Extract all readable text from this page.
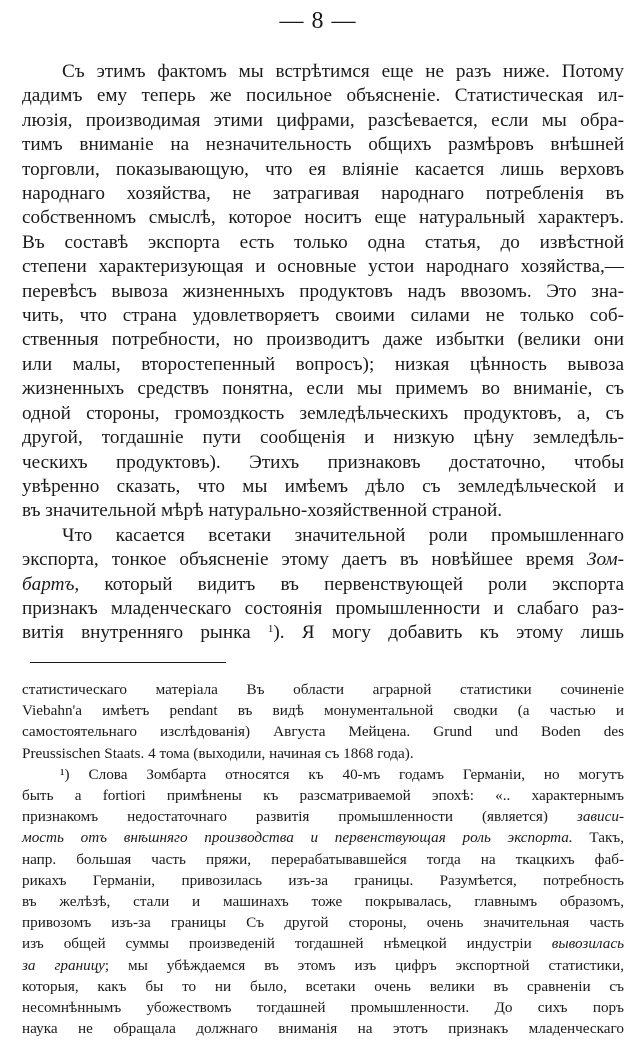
— 8 —

Съ этимъ фактомъ мы встрѣтимся еще не разъ ниже. Потому

дадимъ ему теперь же посильное объясненіе. Статистическая ил-

люзія, производимая этими цифрами, разсѣевается, если мы обра-

тимъ вниманіе на незначительность общихъ размѣровъ внѣшней

торговли, показывающую, что ея вліяніе касается лишь верховъ

народнаго хозяйства, не затрагивая народнаго потребленія въ

собственномъ смыслѣ, которое носитъ еще натуральный характеръ.

Въ составѣ экспорта есть только одна статья, до извѣстной

степени характеризующая и основные устои народнаго хозяйства,—

перевѣсъ вывоза жизненныхъ продуктовъ надъ ввозомъ. Это зна-

чить, что страна удовлетворяетъ своими силами не только соб-

ственныя потребности, но производитъ даже избытки (велики они

или малы, второстепенный вопросъ); низкая цѣнность вывоза

жизненныхъ средствъ понятна, если мы примемъ во вниманіе, съ

одной стороны, громоздкость земледѣльческихъ продуктовъ, а, съ

другой, тогдашніе пути сообщенія и низкую цѣну земледѣль-

ческихъ продуктовъ). Этихъ признаковъ достаточно, чтобы

увѣренно сказать, что мы имѣемъ дѣло съ земледѣльческой и

въ значительной мѣрѣ натурально-хозяйственной страной.

Что касается всетаки значительной роли промышленнаго

экспорта, тонкое объясненіе этому даетъ въ новѣйшее время Зом-

бартъ, который видитъ въ первенствующей роли экспорта

признакъ младенческаго состоянія промышленности и слабаго раз-

витія внутренняго рынка $^1$). Я могу добавить къ этому лишь

статистическаго матеріала Въ области аграрной статистики сочиненіе

Viebahn'а имѣетъ pendant въ видѣ монументальной сводки (а частью и

самостоятельнаго изслѣдованія) Августа Мейцена. Grund und Boden des

Preussischen Staats. 4 тома (выходили, начиная съ 1868 года).

¹) Слова Зомбарта относятся къ 40-мъ годамъ Германіи, но могутъ

быть a fortiori примѣнены къ разсматриваемой эпохѣ: «.. характернымъ

признакомъ недостаточнаго развитія промышленности (является) зависи-

мость отъ внѣшняго производства и первенствующая роль экспорта. Такъ,

напр. большая часть пряжи, перерабатывавшейся тогда на ткацкихъ фаб-

рикахъ Германіи, привозилась изъ-за границы. Разумѣется, потребность

въ желѣзѣ, стали и машинахъ тоже покрывалась, главнымъ образомъ,

привозомъ изъ-за границы Съ другой стороны, очень значительная часть

изъ общей суммы произведеній тогдашней нѣмецкой индустріи вывозилась

за границу; мы убѣждаемся въ этомъ изъ цифръ экспортной статистики,

которыя, какъ бы то ни было, всетаки очень велики въ сравненіи съ

несомнѣннымъ убожествомъ тогдашней промышленности. До сихъ поръ

наука не обращала должнаго вниманія на этотъ признакъ младенческаго
